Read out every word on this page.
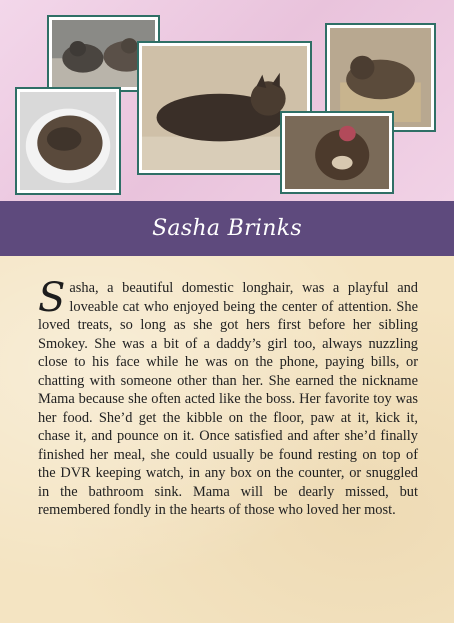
Sasha Brinks

Sasha, a beautiful domestic longhair, was a playful and loveable cat who enjoyed being the center of attention. She loved treats, so long as she got hers first before her sibling Smokey. She was a bit of a daddy’s girl too, always nuzzling close to his face while he was on the phone, paying bills, or chatting with someone other than her. She earned the nickname Mama because she often acted like the boss. Her favorite toy was her food. She’d get the kibble on the floor, paw at it, kick it, chase it, and pounce on it. Once satisfied and after she’d finally finished her meal, she could usually be found resting on top of the DVR keeping watch, in any box on the counter, or snuggled in the bathroom sink. Mama will be dearly missed, but remembered fondly in the hearts of those who loved her most.
